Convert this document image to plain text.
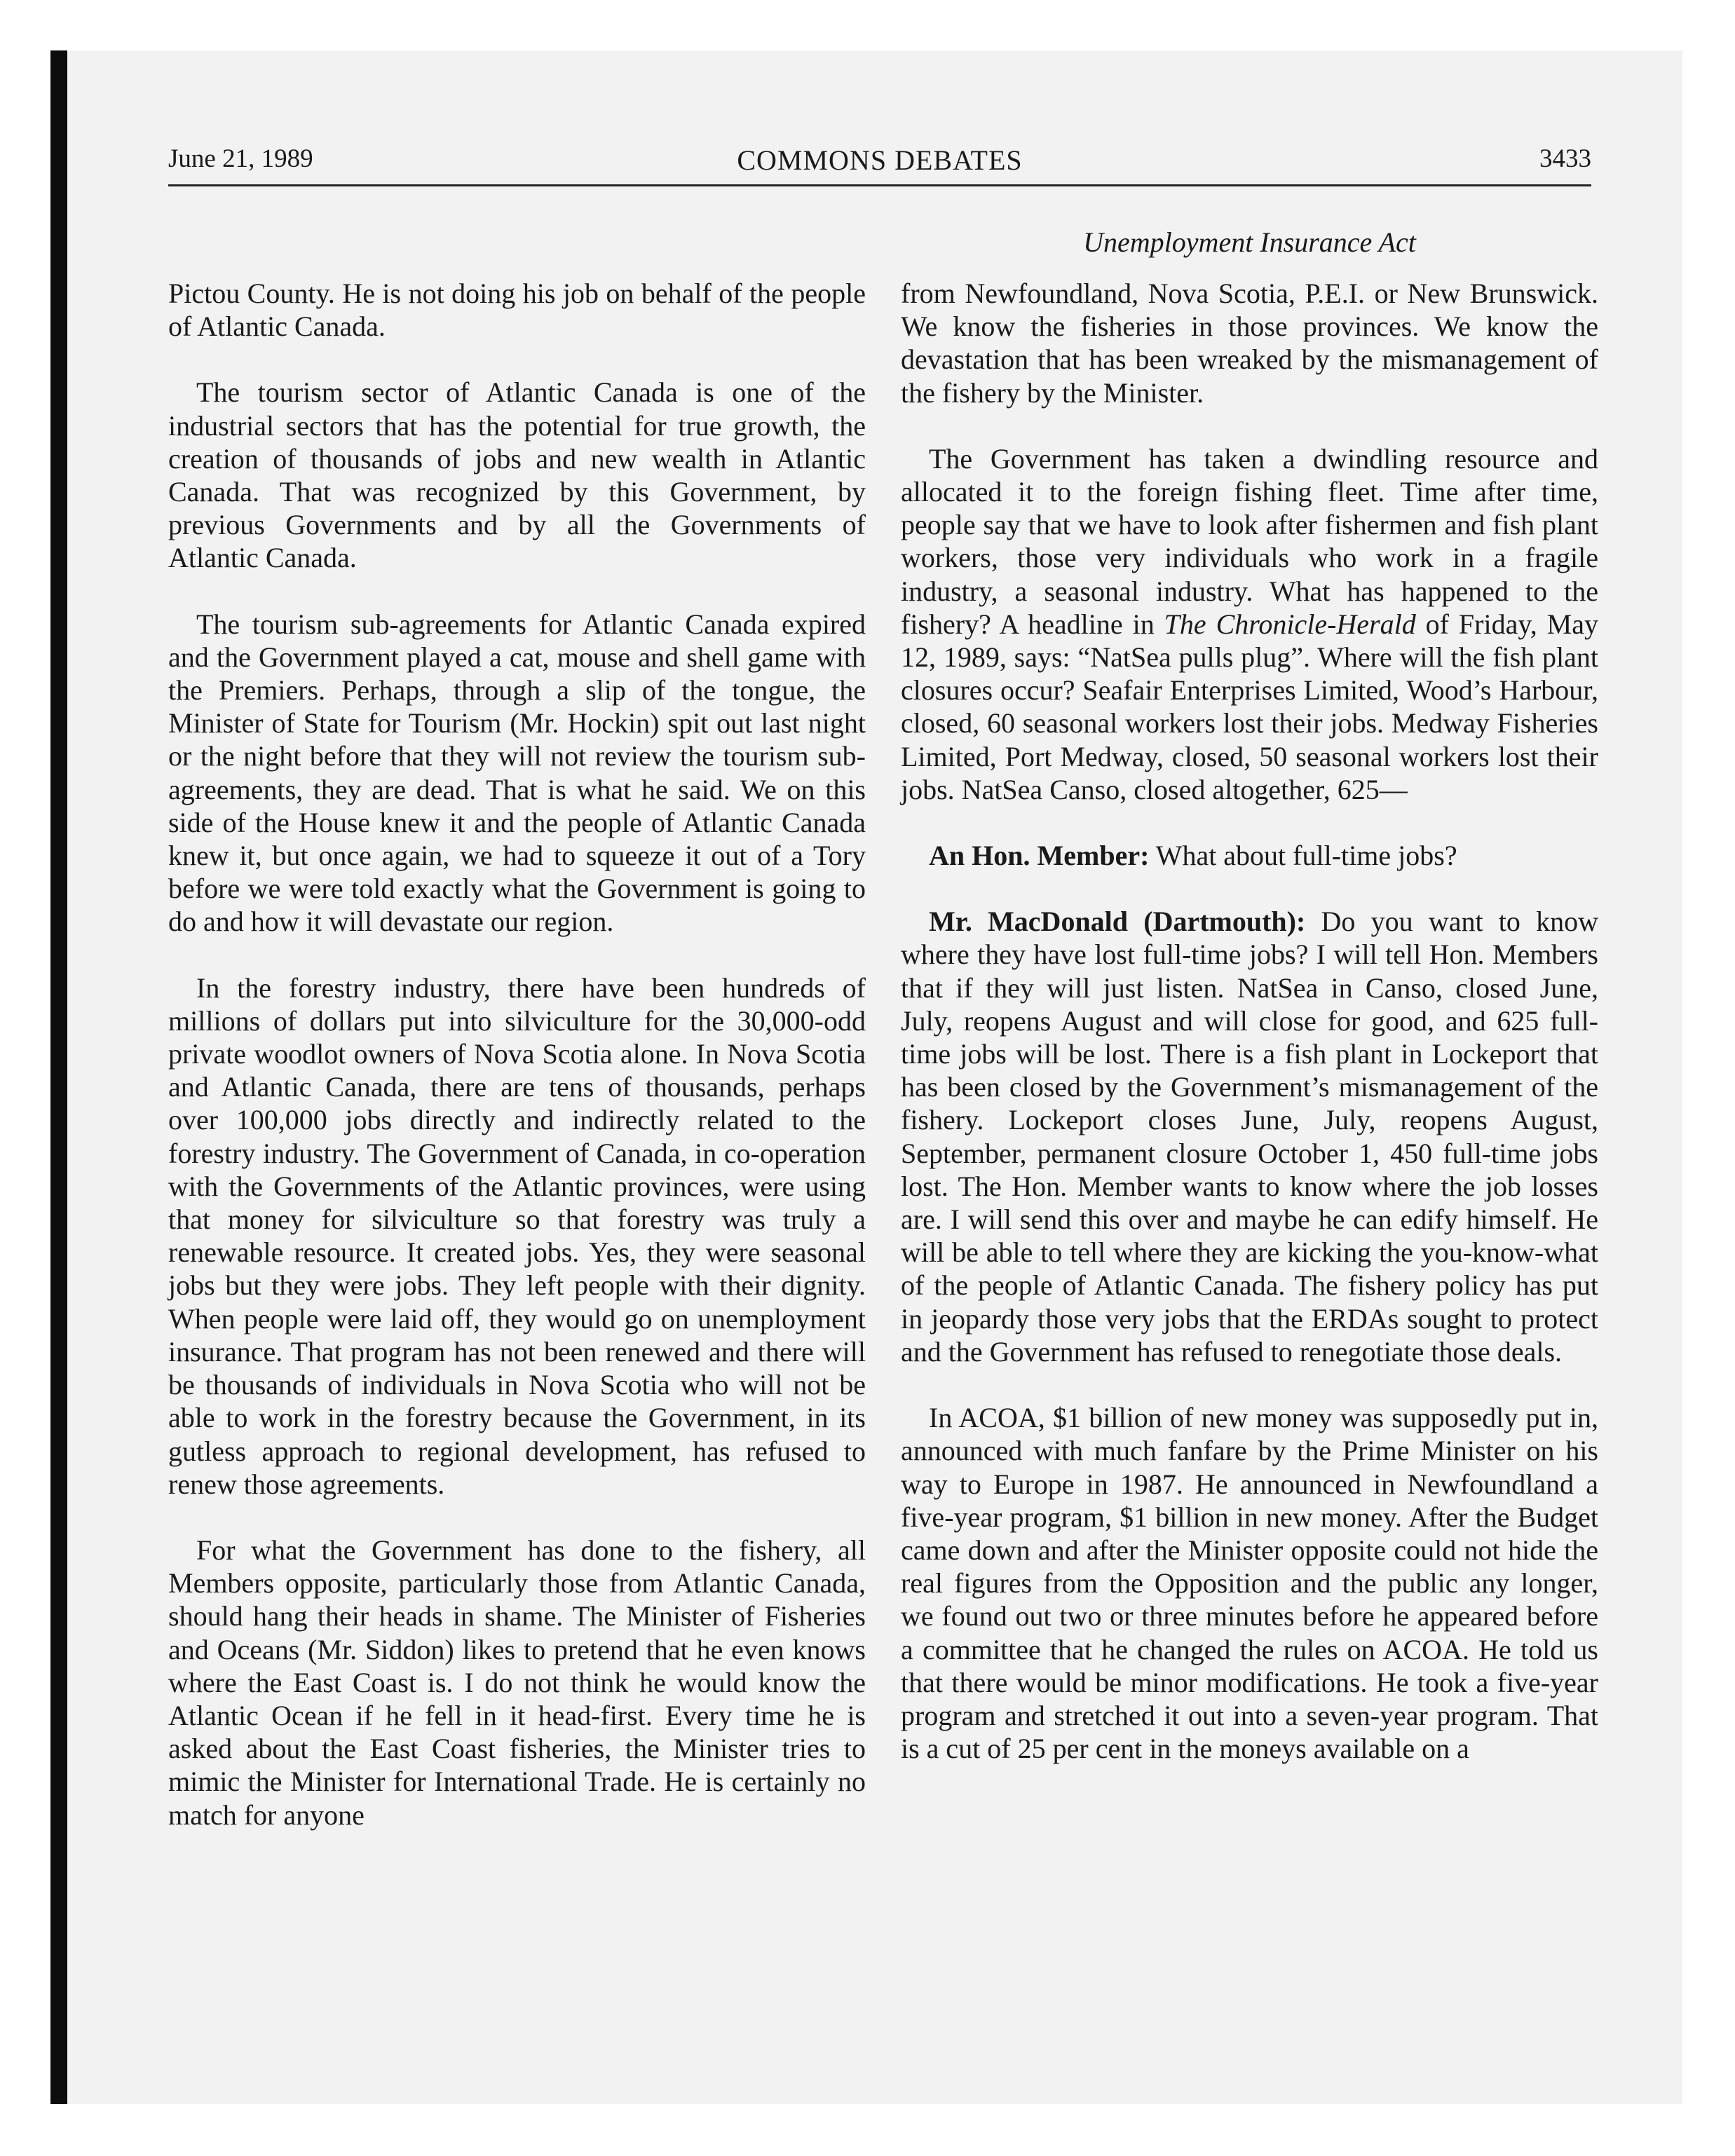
June 21, 1989	COMMONS DEBATES	3433
Unemployment Insurance Act

Pictou County. He is not doing his job on behalf of the people of Atlantic Canada.

The tourism sector of Atlantic Canada is one of the industrial sectors that has the potential for true growth, the creation of thousands of jobs and new wealth in Atlantic Canada. That was recognized by this Government, by previous Governments and by all the Governments of Atlantic Canada.

The tourism sub-agreements for Atlantic Canada expired and the Government played a cat, mouse and shell game with the Premiers. Perhaps, through a slip of the tongue, the Minister of State for Tourism (Mr. Hockin) spit out last night or the night before that they will not review the tourism sub-agreements, they are dead. That is what he said. We on this side of the House knew it and the people of Atlantic Canada knew it, but once again, we had to squeeze it out of a Tory before we were told exactly what the Government is going to do and how it will devastate our region.

In the forestry industry, there have been hundreds of millions of dollars put into silviculture for the 30,000-odd private woodlot owners of Nova Scotia alone. In Nova Scotia and Atlantic Canada, there are tens of thousands, perhaps over 100,000 jobs directly and indirectly related to the forestry industry. The Government of Canada, in co-operation with the Governments of the Atlantic provinces, were using that money for silviculture so that forestry was truly a renewable resource. It created jobs. Yes, they were seasonal jobs but they were jobs. They left people with their dignity. When people were laid off, they would go on unemployment insurance. That program has not been renewed and there will be thousands of individuals in Nova Scotia who will not be able to work in the forestry because the Government, in its gutless approach to regional development, has refused to renew those agreements.

For what the Government has done to the fishery, all Members opposite, particularly those from Atlantic Canada, should hang their heads in shame. The Minister of Fisheries and Oceans (Mr. Siddon) likes to pretend that he even knows where the East Coast is. I do not think he would know the Atlantic Ocean if he fell in it head-first. Every time he is asked about the East Coast fisheries, the Minister tries to mimic the Minister for International Trade. He is certainly no match for anyone

from Newfoundland, Nova Scotia, P.E.I. or New Brunswick. We know the fisheries in those provinces. We know the devastation that has been wreaked by the mismanagement of the fishery by the Minister.

The Government has taken a dwindling resource and allocated it to the foreign fishing fleet. Time after time, people say that we have to look after fishermen and fish plant workers, those very individuals who work in a fragile industry, a seasonal industry. What has happened to the fishery? A headline in The Chronicle-Herald of Friday, May 12, 1989, says: “NatSea pulls plug”. Where will the fish plant closures occur? Seafair Enterprises Limited, Wood’s Harbour, closed, 60 seasonal workers lost their jobs. Medway Fisheries Limited, Port Medway, closed, 50 seasonal workers lost their jobs. NatSea Canso, closed altogether, 625—

An Hon. Member: What about full-time jobs?

Mr. MacDonald (Dartmouth): Do you want to know where they have lost full-time jobs? I will tell Hon. Members that if they will just listen. NatSea in Canso, closed June, July, reopens August and will close for good, and 625 full-time jobs will be lost. There is a fish plant in Lockeport that has been closed by the Government’s mismanagement of the fishery. Lockeport closes June, July, reopens August, September, permanent closure October 1, 450 full-time jobs lost. The Hon. Member wants to know where the job losses are. I will send this over and maybe he can edify himself. He will be able to tell where they are kicking the you-know-what of the people of Atlantic Canada. The fishery policy has put in jeopardy those very jobs that the ERDAs sought to protect and the Government has refused to renegotiate those deals.

In ACOA, $1 billion of new money was supposedly put in, announced with much fanfare by the Prime Minister on his way to Europe in 1987. He announced in Newfoundland a five-year program, $1 billion in new money. After the Budget came down and after the Minister opposite could not hide the real figures from the Opposition and the public any longer, we found out two or three minutes before he appeared before a committee that he changed the rules on ACOA. He told us that there would be minor modifications. He took a five-year program and stretched it out into a seven-year program. That is a cut of 25 per cent in the moneys available on a
